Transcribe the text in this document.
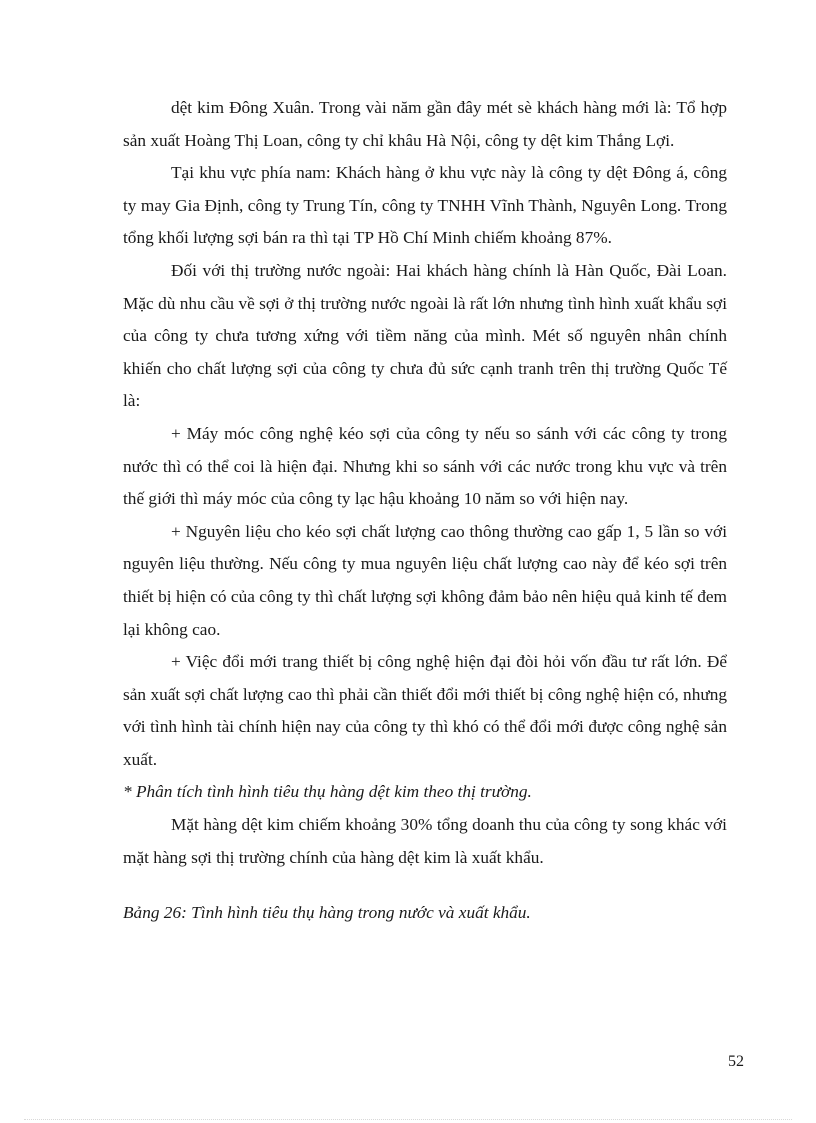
dệt kim Đông Xuân. Trong vài năm gần đây mét sè khách hàng mới là: Tổ hợp sản xuất Hoàng Thị Loan, công ty chỉ khâu Hà Nội, công ty dệt kim Thắng Lợi.

Tại khu vực phía nam: Khách hàng ở khu vực này là công ty dệt Đông á, công ty may Gia Định, công ty Trung Tín, công ty TNHH Vĩnh Thành, Nguyên Long. Trong tổng khối lượng sợi bán ra thì tại TP Hồ Chí Minh chiếm khoảng 87%.

Đối với thị trường nước ngoài: Hai khách hàng chính là Hàn Quốc, Đài Loan. Mặc dù nhu cầu về sợi ở thị trường nước ngoài là rất lớn nhưng tình hình xuất khẩu sợi của công ty chưa tương xứng với tiềm năng của mình. Mét số nguyên nhân chính khiến cho chất lượng sợi của công ty chưa đủ sức cạnh tranh trên thị trường Quốc Tế là:

+ Máy móc công nghệ kéo sợi của công ty nếu so sánh với các công ty trong nước thì có thể coi là hiện đại. Nhưng khi so sánh với các nước trong khu vực và trên thế giới thì máy móc của công ty lạc hậu khoảng 10 năm so với hiện nay.

+ Nguyên liệu cho kéo sợi chất lượng cao thông thường cao gấp 1, 5 lần so với nguyên liệu thường. Nếu công ty mua nguyên liệu chất lượng cao này để kéo sợi trên thiết bị hiện có của công ty thì chất lượng sợi không đảm bảo nên hiệu quả kinh tế đem lại không cao.

+ Việc đổi mới trang thiết bị công nghệ hiện đại đòi hỏi vốn đầu tư rất lớn. Để sản xuất sợi chất lượng cao thì phải cần thiết đổi mới thiết bị công nghệ hiện có, nhưng với tình hình tài chính hiện nay của công ty thì khó có thể đổi mới được công nghệ sản xuất.

* Phân tích tình hình tiêu thụ hàng dệt kim theo thị trường.

Mặt hàng dệt kim chiếm khoảng 30% tổng doanh thu của công ty song khác với mặt hàng sợi thị trường chính của hàng dệt kim là xuất khẩu.

Bảng 26: Tình hình tiêu thụ hàng trong nước và xuất khẩu.

52
